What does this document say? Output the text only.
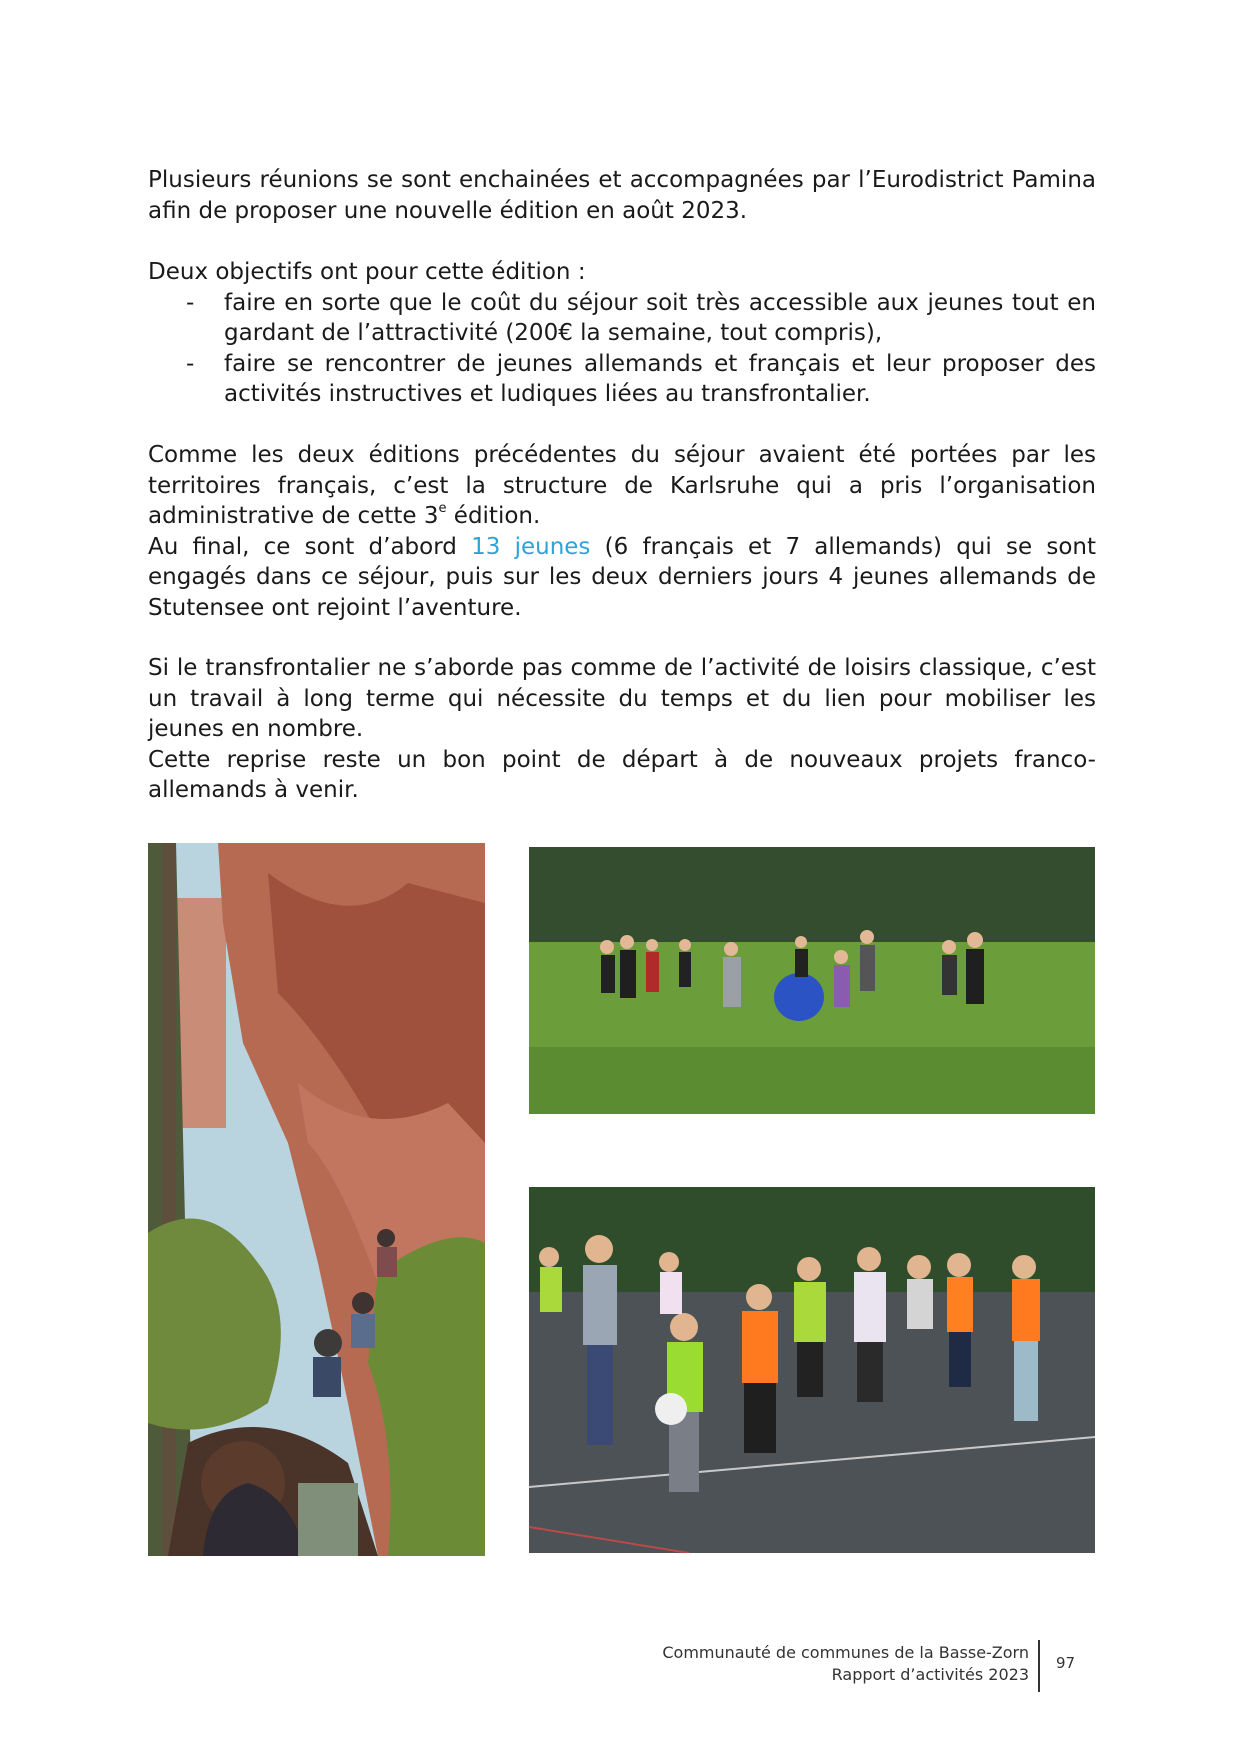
Plusieurs réunions se sont enchainées et accompagnées par l’Eurodistrict Pamina afin de proposer une nouvelle édition en août 2023.

Deux objectifs ont pour cette édition :

- faire en sorte que le coût du séjour soit très accessible aux jeunes tout en gardant de l’attractivité (200€ la semaine, tout compris),
- faire se rencontrer de jeunes allemands et français et leur proposer des activités instructives et ludiques liées au transfrontalier.

Comme les deux éditions précédentes du séjour avaient été portées par les territoires français, c’est la structure de Karlsruhe qui a pris l’organisation administrative de cette 3e édition.

Au final, ce sont d’abord 13 jeunes (6 français et 7 allemands) qui se sont engagés dans ce séjour, puis sur les deux derniers jours 4 jeunes allemands de Stutensee ont rejoint l’aventure.

Si le transfrontalier ne s’aborde pas comme de l’activité de loisirs classique, c’est un travail à long terme qui nécessite du temps et du lien pour mobiliser les jeunes en nombre.

Cette reprise reste un bon point de départ à de nouveaux projets franco-allemands à venir.

Communauté de communes de la Basse-Zorn
Rapport d’activités 2023
97
